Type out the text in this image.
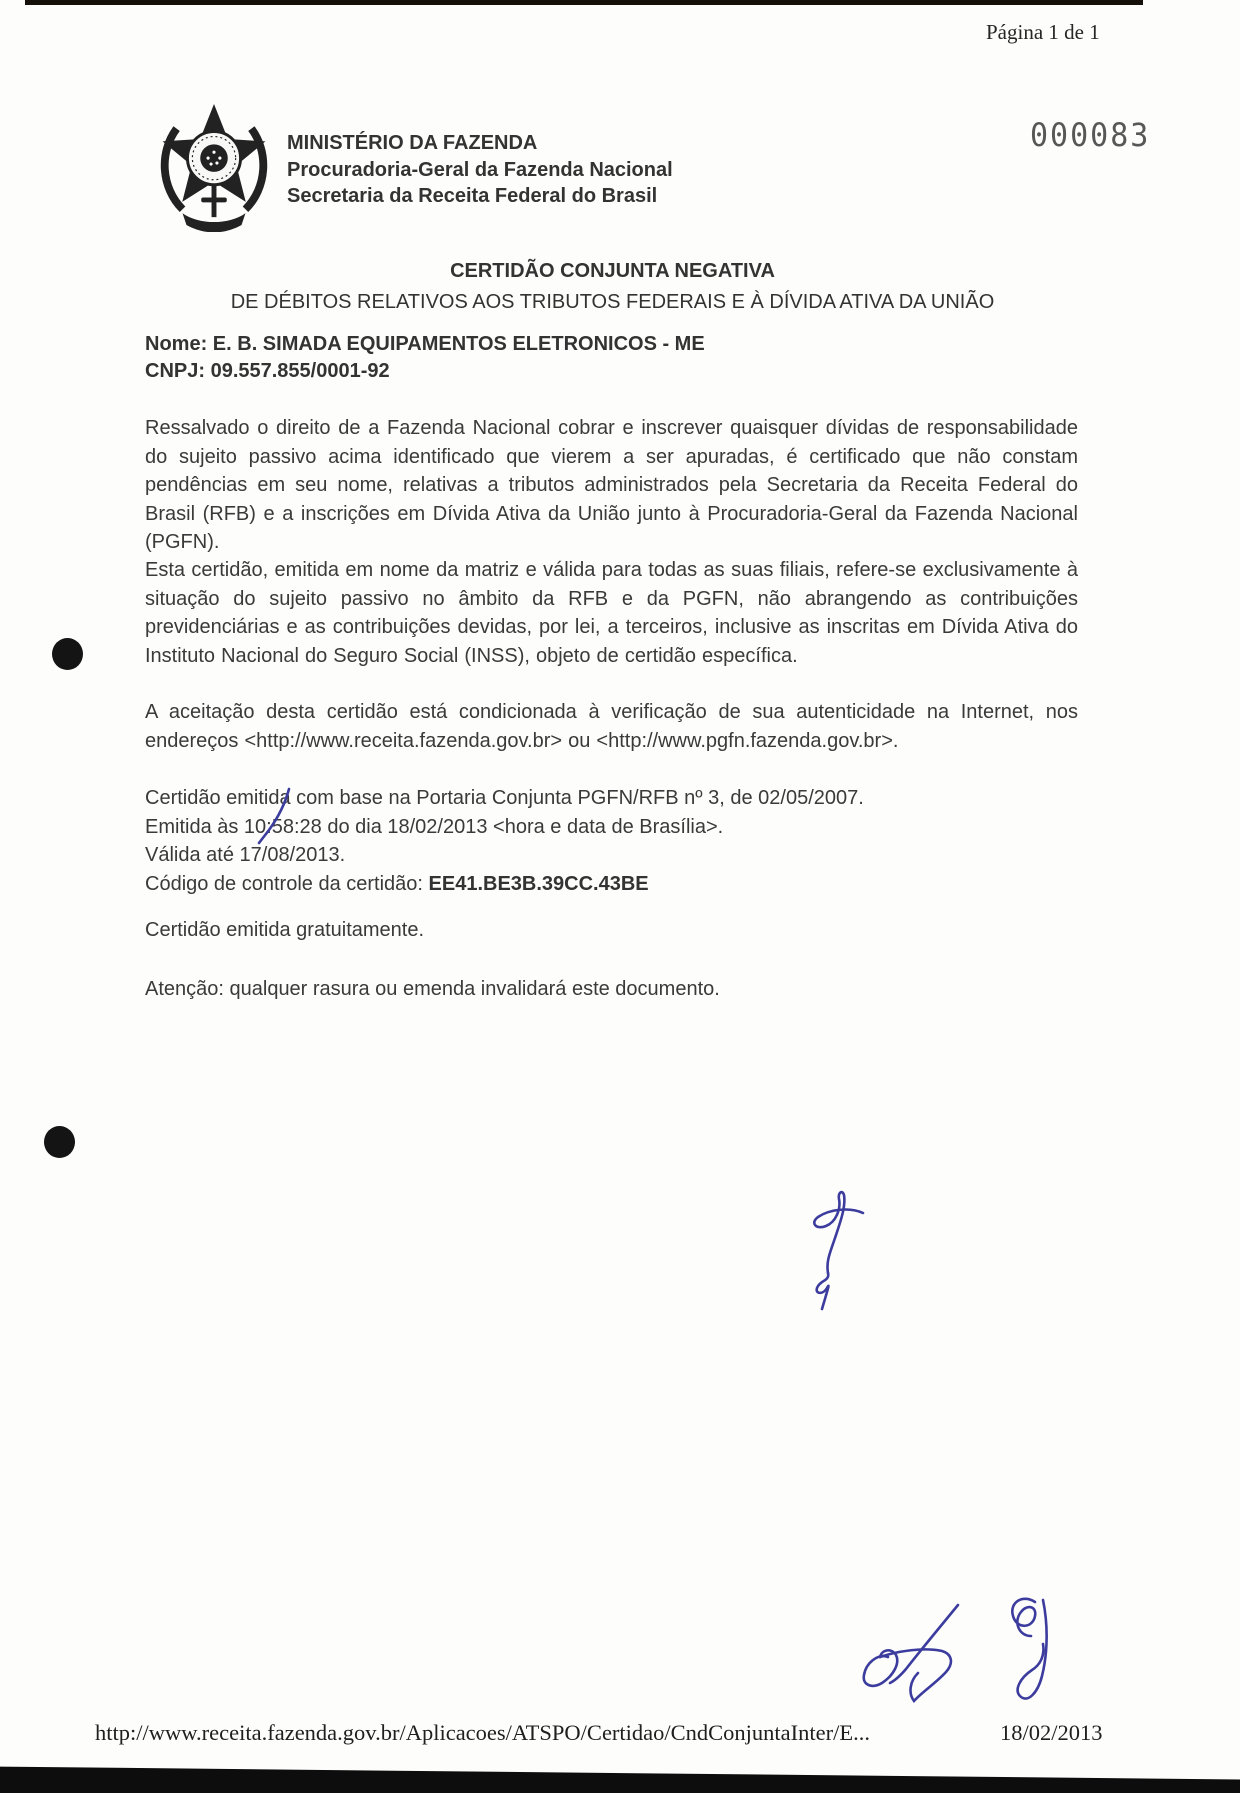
Página 1 de 1
MINISTÉRIO DA FAZENDA
Procuradoria-Geral da Fazenda Nacional
Secretaria da Receita Federal do Brasil
000083
CERTIDÃO CONJUNTA NEGATIVA
DE DÉBITOS RELATIVOS AOS TRIBUTOS FEDERAIS E À DÍVIDA ATIVA DA UNIÃO
Nome: E. B. SIMADA EQUIPAMENTOS ELETRONICOS - ME
CNPJ: 09.557.855/0001-92
Ressalvado o direito de a Fazenda Nacional cobrar e inscrever quaisquer dívidas de responsabilidade do sujeito passivo acima identificado que vierem a ser apuradas, é certificado que não constam pendências em seu nome, relativas a tributos administrados pela Secretaria da Receita Federal do Brasil (RFB) e a inscrições em Dívida Ativa da União junto à Procuradoria-Geral da Fazenda Nacional (PGFN).
Esta certidão, emitida em nome da matriz e válida para todas as suas filiais, refere-se exclusivamente à situação do sujeito passivo no âmbito da RFB e da PGFN, não abrangendo as contribuições previdenciárias e as contribuições devidas, por lei, a terceiros, inclusive as inscritas em Dívida Ativa do Instituto Nacional do Seguro Social (INSS), objeto de certidão específica.
A aceitação desta certidão está condicionada à verificação de sua autenticidade na Internet, nos endereços <http://www.receita.fazenda.gov.br> ou <http://www.pgfn.fazenda.gov.br>.
Certidão emitida com base na Portaria Conjunta PGFN/RFB nº 3, de 02/05/2007.
Emitida às 10:58:28 do dia 18/02/2013 <hora e data de Brasília>.
Válida até 17/08/2013.
Código de controle da certidão: EE41.BE3B.39CC.43BE
Certidão emitida gratuitamente.
Atenção: qualquer rasura ou emenda invalidará este documento.
http://www.receita.fazenda.gov.br/Aplicacoes/ATSPO/Certidao/CndConjuntaInter/E...	18/02/2013
